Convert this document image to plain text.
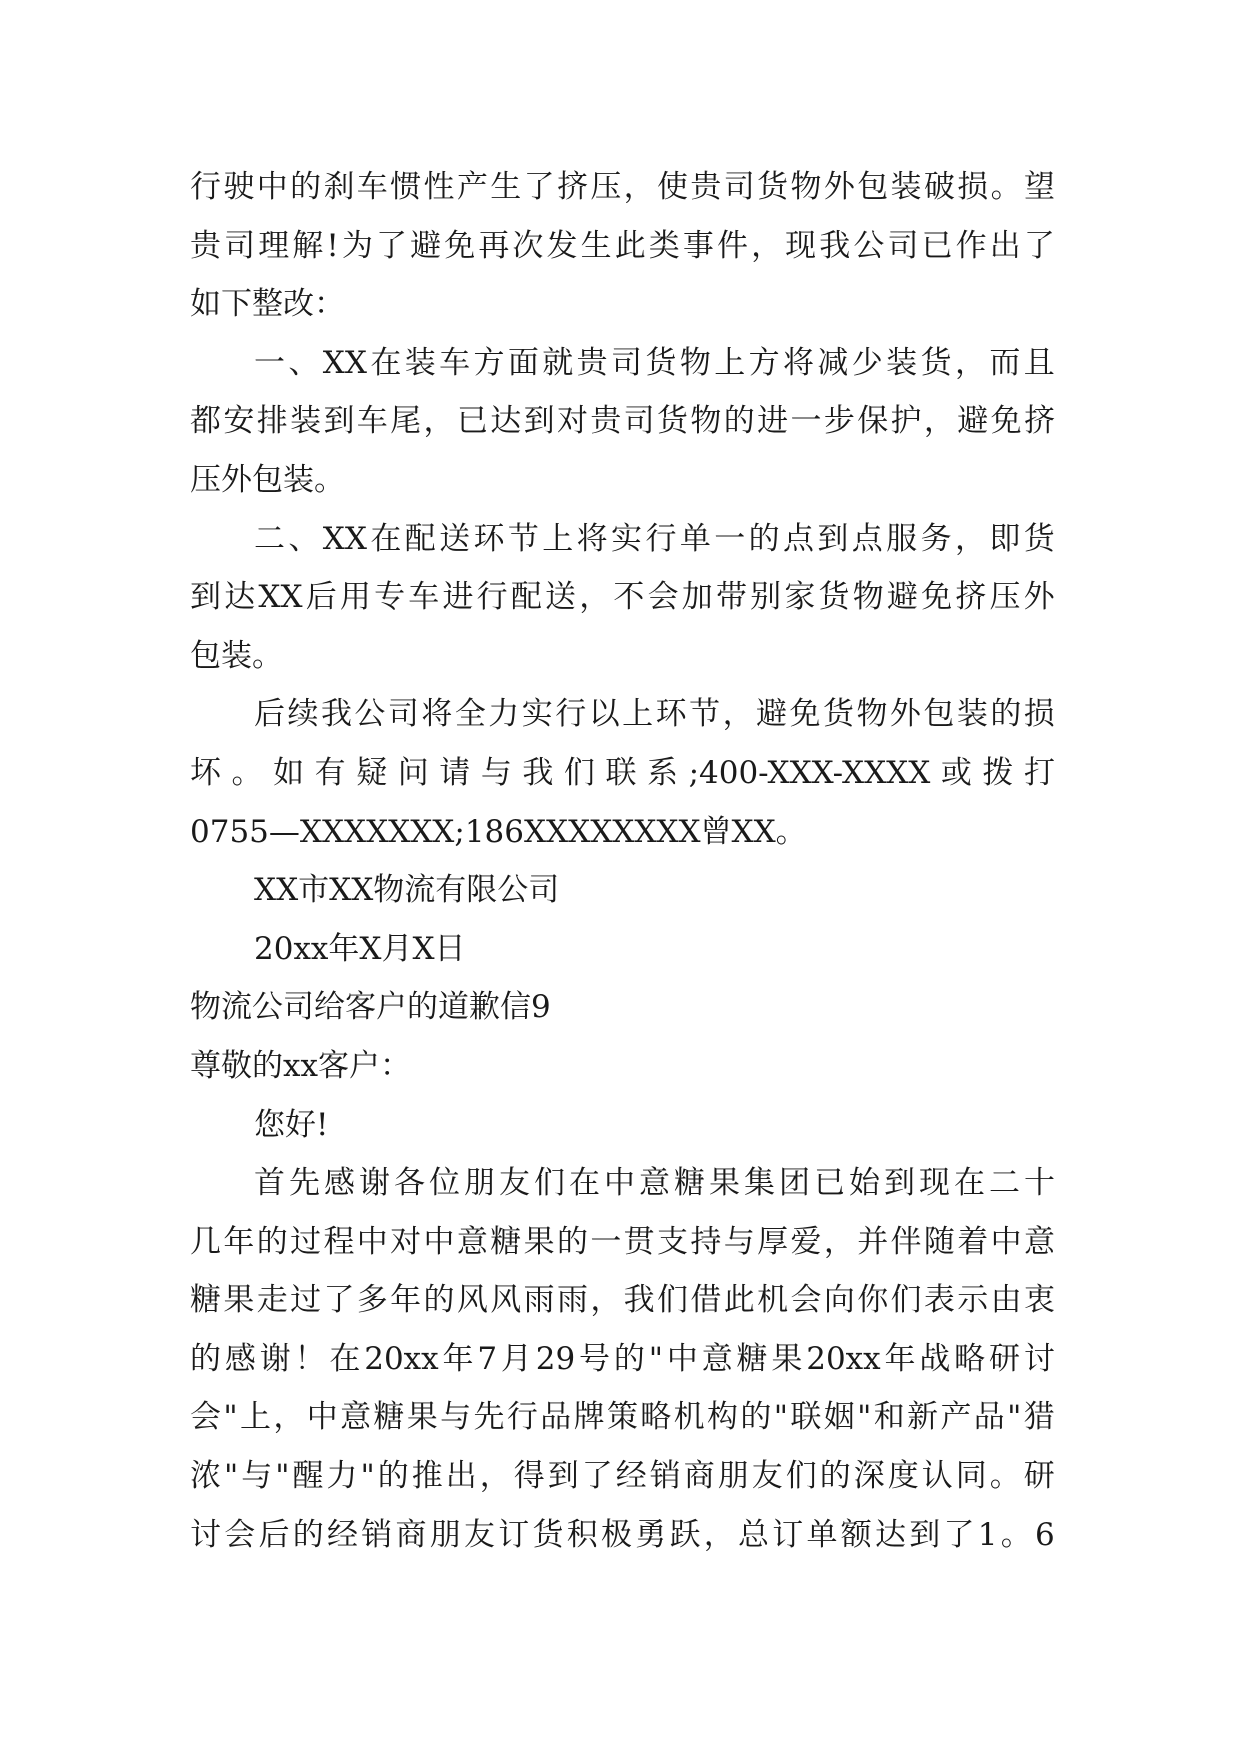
行 驶 中 的 刹 车 惯 性 产 生 了 挤 压 ， 使 贵 司 货 物 外 包 装 破 损 。 望
贵 司 理 解 ! 为 了 避 免 再 次 发 生 此 类 事 件 ， 现 我 公 司 已 作 出 了
如下整改：
一 、 XX 在 装 车 方 面 就 贵 司 货 物 上 方 将 减 少 装 货 ， 而 且
都 安 排 装 到 车 尾 ， 已 达 到 对 贵 司 货 物 的 进 一 步 保 护 ， 避 免 挤
压外包装。
二 、 XX 在 配 送 环 节 上 将 实 行 单 一 的 点 到 点 服 务 ， 即 货
到 达 XX 后 用 专 车 进 行 配 送 ， 不 会 加 带 别 家 货 物 避 免 挤 压 外
包装。
后 续 我 公 司 将 全 力 实 行 以 上 环 节 ， 避 免 货 物 外 包 装 的 损
坏 。 如 有 疑 问 请 与 我 们 联 系 ;400-XXX-XXXX 或 拨 打
0755—XXXXXXX;186XXXXXXXX曾XX。
XX市XX物流有限公司
20xx年X月X日
物流公司给客户的道歉信9
尊敬的xx客户：
您好!
首 先 感 谢 各 位 朋 友 们 在 中 意 糖 果 集 团 已 始 到 现 在 二 十
几 年 的 过 程 中 对 中 意 糖 果 的 一 贯 支 持 与 厚 爱 ， 并 伴 随 着 中 意
糖 果 走 过 了 多 年 的 风 风 雨 雨 ， 我 们 借 此 机 会 向 你 们 表 示 由 衷
的 感 谢 ！ 在 20xx 年 7 月 29 号 的 " 中 意 糖 果 20xx 年 战 略 研 讨
会 " 上 ， 中 意 糖 果 与 先 行 品 牌 策 略 机 构 的 " 联 姻 " 和 新 产 品 " 猎
浓 " 与 " 醒 力 " 的 推 出 ， 得 到 了 经 销 商 朋 友 们 的 深 度 认 同 。 研
讨 会 后 的 经 销 商 朋 友 订 货 积 极 勇 跃 ， 总 订 单 额 达 到 了 1 。 6
